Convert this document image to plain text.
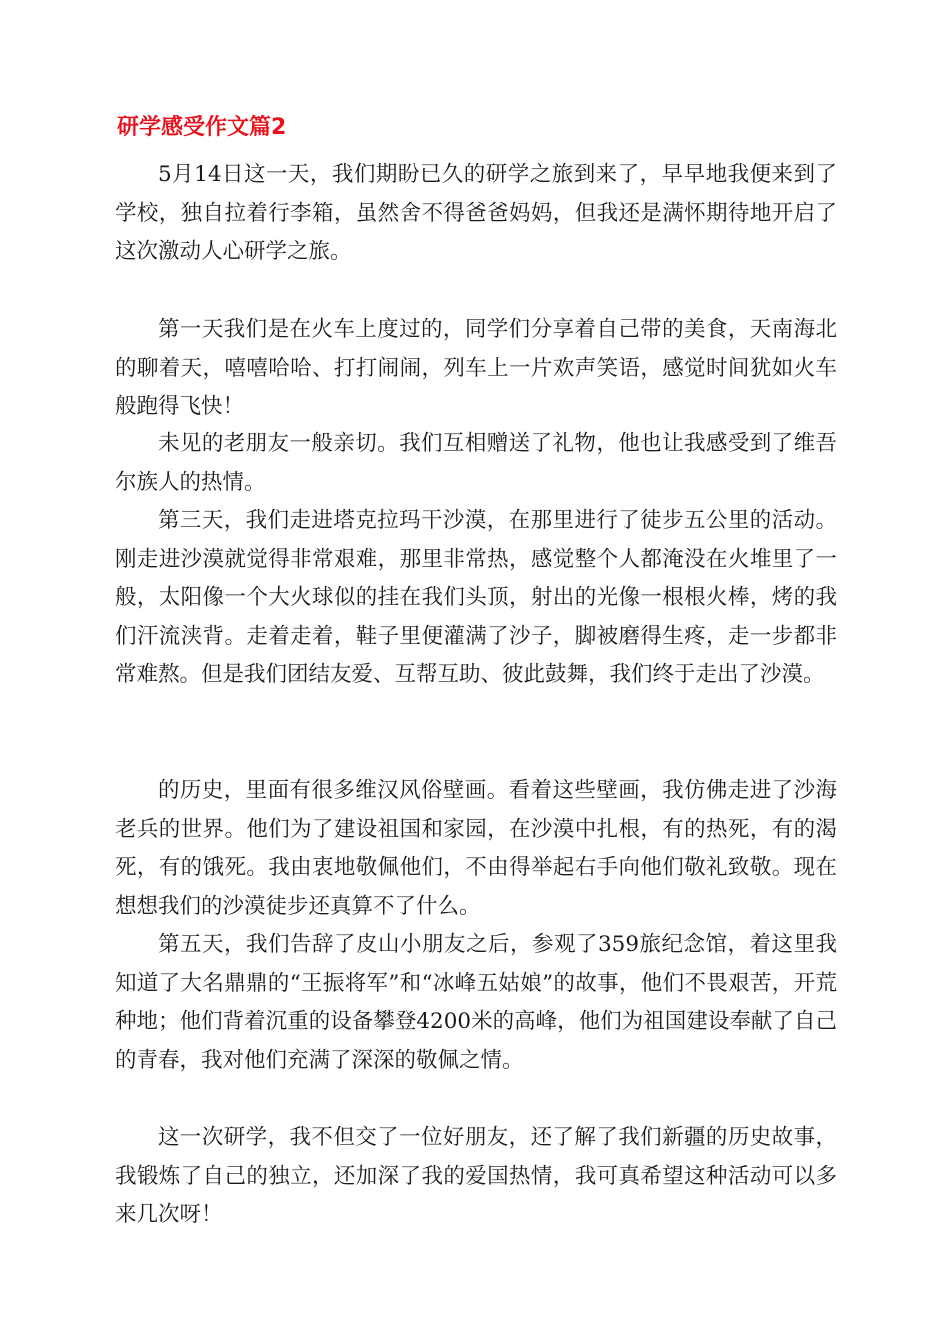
研学感受作文篇2

5月14日这一天，我们期盼已久的研学之旅到来了，早早地我便来到了学校，独自拉着行李箱，虽然舍不得爸爸妈妈，但我还是满怀期待地开启了这次激动人心研学之旅。

第一天我们是在火车上度过的，同学们分享着自己带的美食，天南海北的聊着天，嘻嘻哈哈、打打闹闹，列车上一片欢声笑语，感觉时间犹如火车般跑得飞快！

未见的老朋友一般亲切。我们互相赠送了礼物，他也让我感受到了维吾尔族人的热情。

第三天，我们走进塔克拉玛干沙漠，在那里进行了徒步五公里的活动。刚走进沙漠就觉得非常艰难，那里非常热，感觉整个人都淹没在火堆里了一般，太阳像一个大火球似的挂在我们头顶，射出的光像一根根火棒，烤的我们汗流浃背。走着走着，鞋子里便灌满了沙子，脚被磨得生疼，走一步都非常难熬。但是我们团结友爱、互帮互助、彼此鼓舞，我们终于走出了沙漠。

的历史，里面有很多维汉风俗壁画。看着这些壁画，我仿佛走进了沙海老兵的世界。他们为了建设祖国和家园，在沙漠中扎根，有的热死，有的渴死，有的饿死。我由衷地敬佩他们，不由得举起右手向他们敬礼致敬。现在想想我们的沙漠徒步还真算不了什么。

第五天，我们告辞了皮山小朋友之后，参观了359旅纪念馆，着这里我知道了大名鼎鼎的“王振将军”和“冰峰五姑娘”的故事，他们不畏艰苦，开荒种地；他们背着沉重的设备攀登4200米的高峰，他们为祖国建设奉献了自己的青春，我对他们充满了深深的敬佩之情。

这一次研学，我不但交了一位好朋友，还了解了我们新疆的历史故事，我锻炼了自己的独立，还加深了我的爱国热情，我可真希望这种活动可以多来几次呀！
